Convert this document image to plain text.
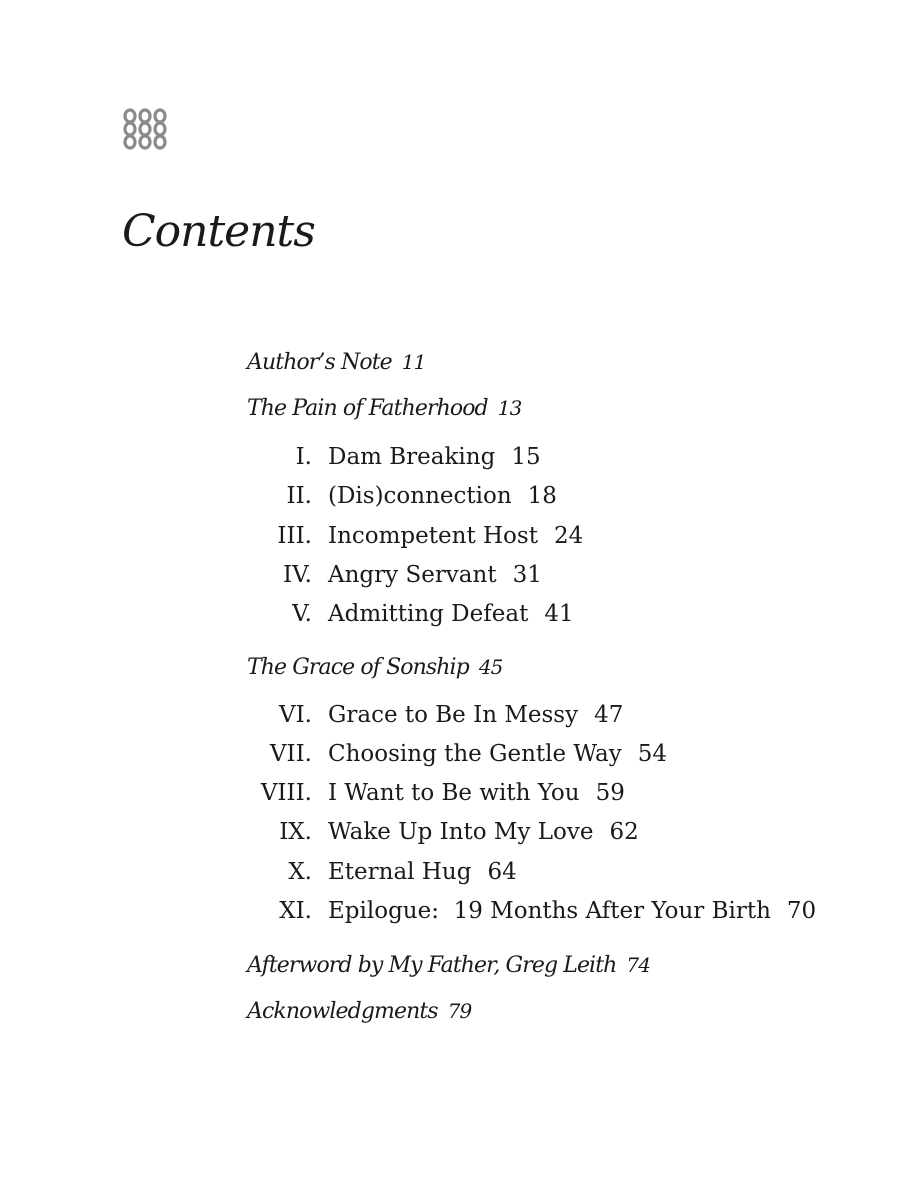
Contents
Author’s Note 11
The Pain of Fatherhood 13
I. Dam Breaking 15
II. (Dis)connection 18
III. Incompetent Host 24
IV. Angry Servant 31
V. Admitting Defeat 41
The Grace of Sonship 45
VI. Grace to Be In Messy 47
VII. Choosing the Gentle Way 54
VIII. I Want to Be with You 59
IX. Wake Up Into My Love 62
X. Eternal Hug 64
XI. Epilogue:  19 Months After Your Birth 70
Afterword by My Father, Greg Leith 74
Acknowledgments 79
